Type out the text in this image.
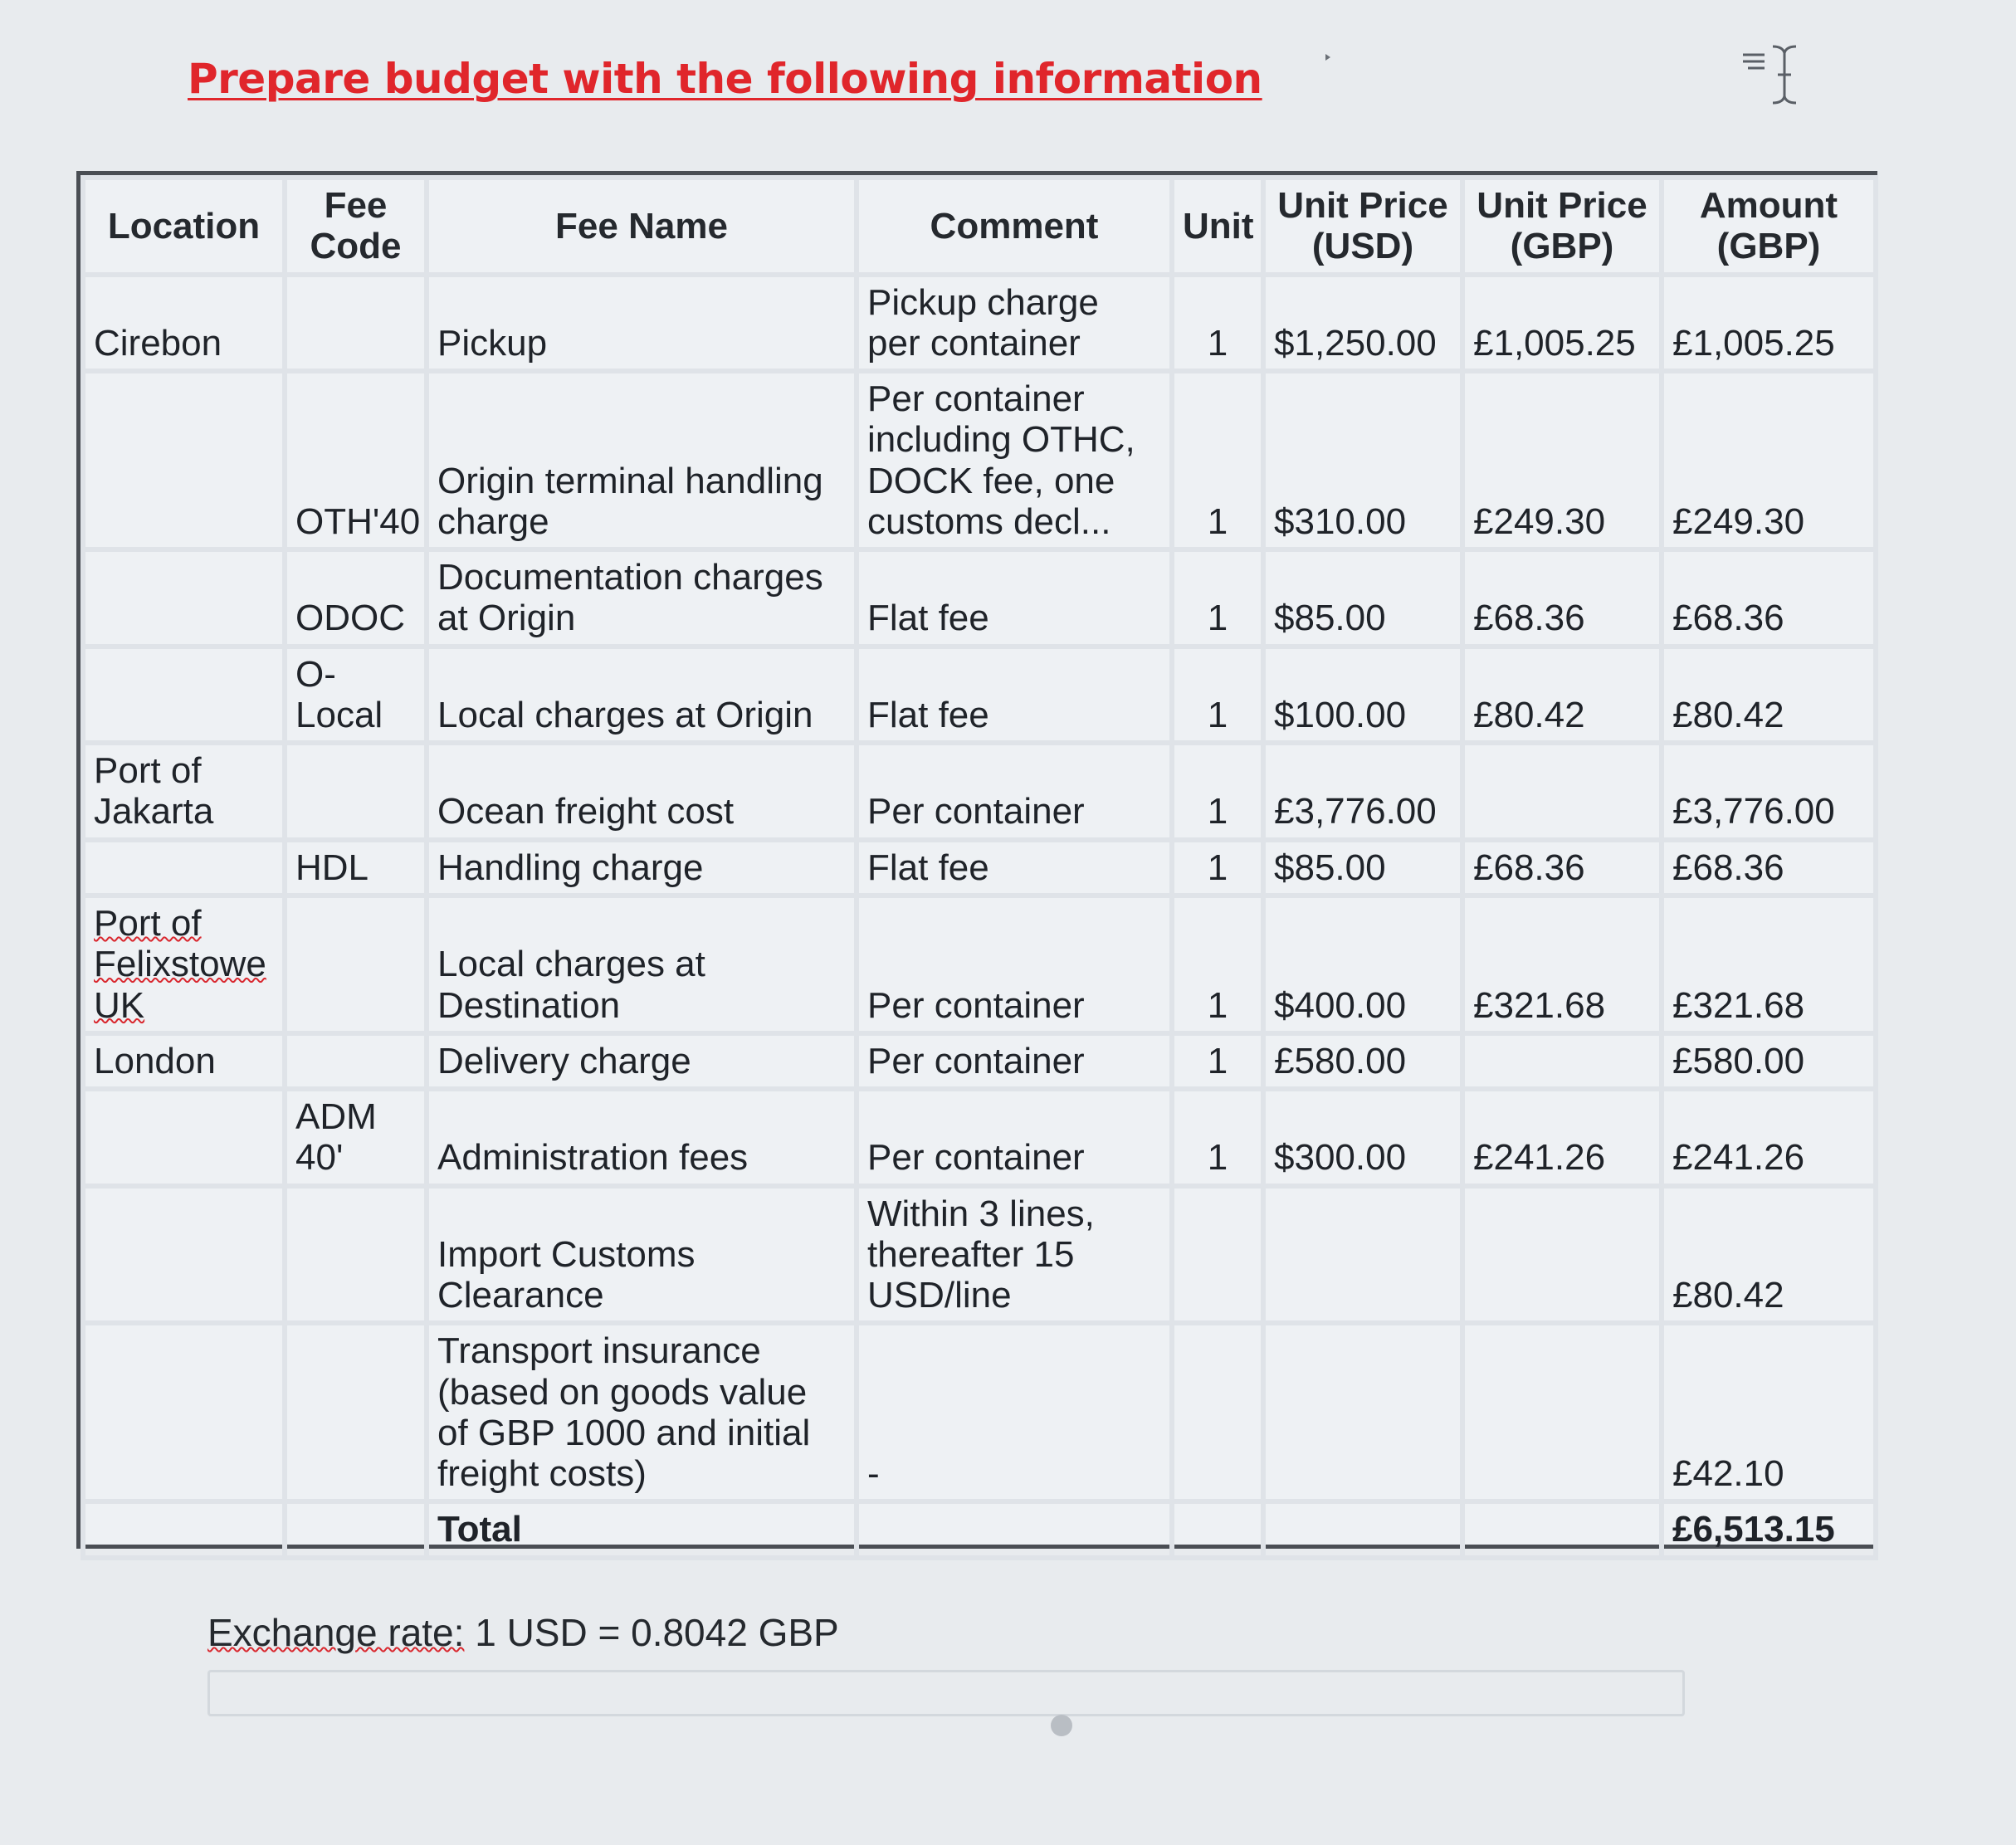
Prepare budget with the following information
Location	Fee Code	Fee Name	Comment	Unit	Unit Price (USD)	Unit Price (GBP)	Amount (GBP)
Cirebon		Pickup	Pickup charge per container	1	$1,250.00	£1,005.25	£1,005.25
	OTH'40	Origin terminal handling charge	Per container including OTHC, DOCK fee, one customs decl...	1	$310.00	£249.30	£249.30
	ODOC	Documentation charges at Origin	Flat fee	1	$85.00	£68.36	£68.36
	O-Local	Local charges at Origin	Flat fee	1	$100.00	£80.42	£80.42
Port of Jakarta		Ocean freight cost	Per container	1	£3,776.00		£3,776.00
	HDL	Handling charge	Flat fee	1	$85.00	£68.36	£68.36
Port of Felixstowe UK		Local charges at Destination	Per container	1	$400.00	£321.68	£321.68
London		Delivery charge	Per container	1	£580.00		£580.00
	ADM 40'	Administration fees	Per container	1	$300.00	£241.26	£241.26
		Import Customs Clearance	Within 3 lines, thereafter 15 USD/line				£80.42
		Transport insurance (based on goods value of GBP 1000 and initial freight costs)	-				£42.10
		Total					£6,513.15
Exchange rate: 1 USD = 0.8042 GBP
